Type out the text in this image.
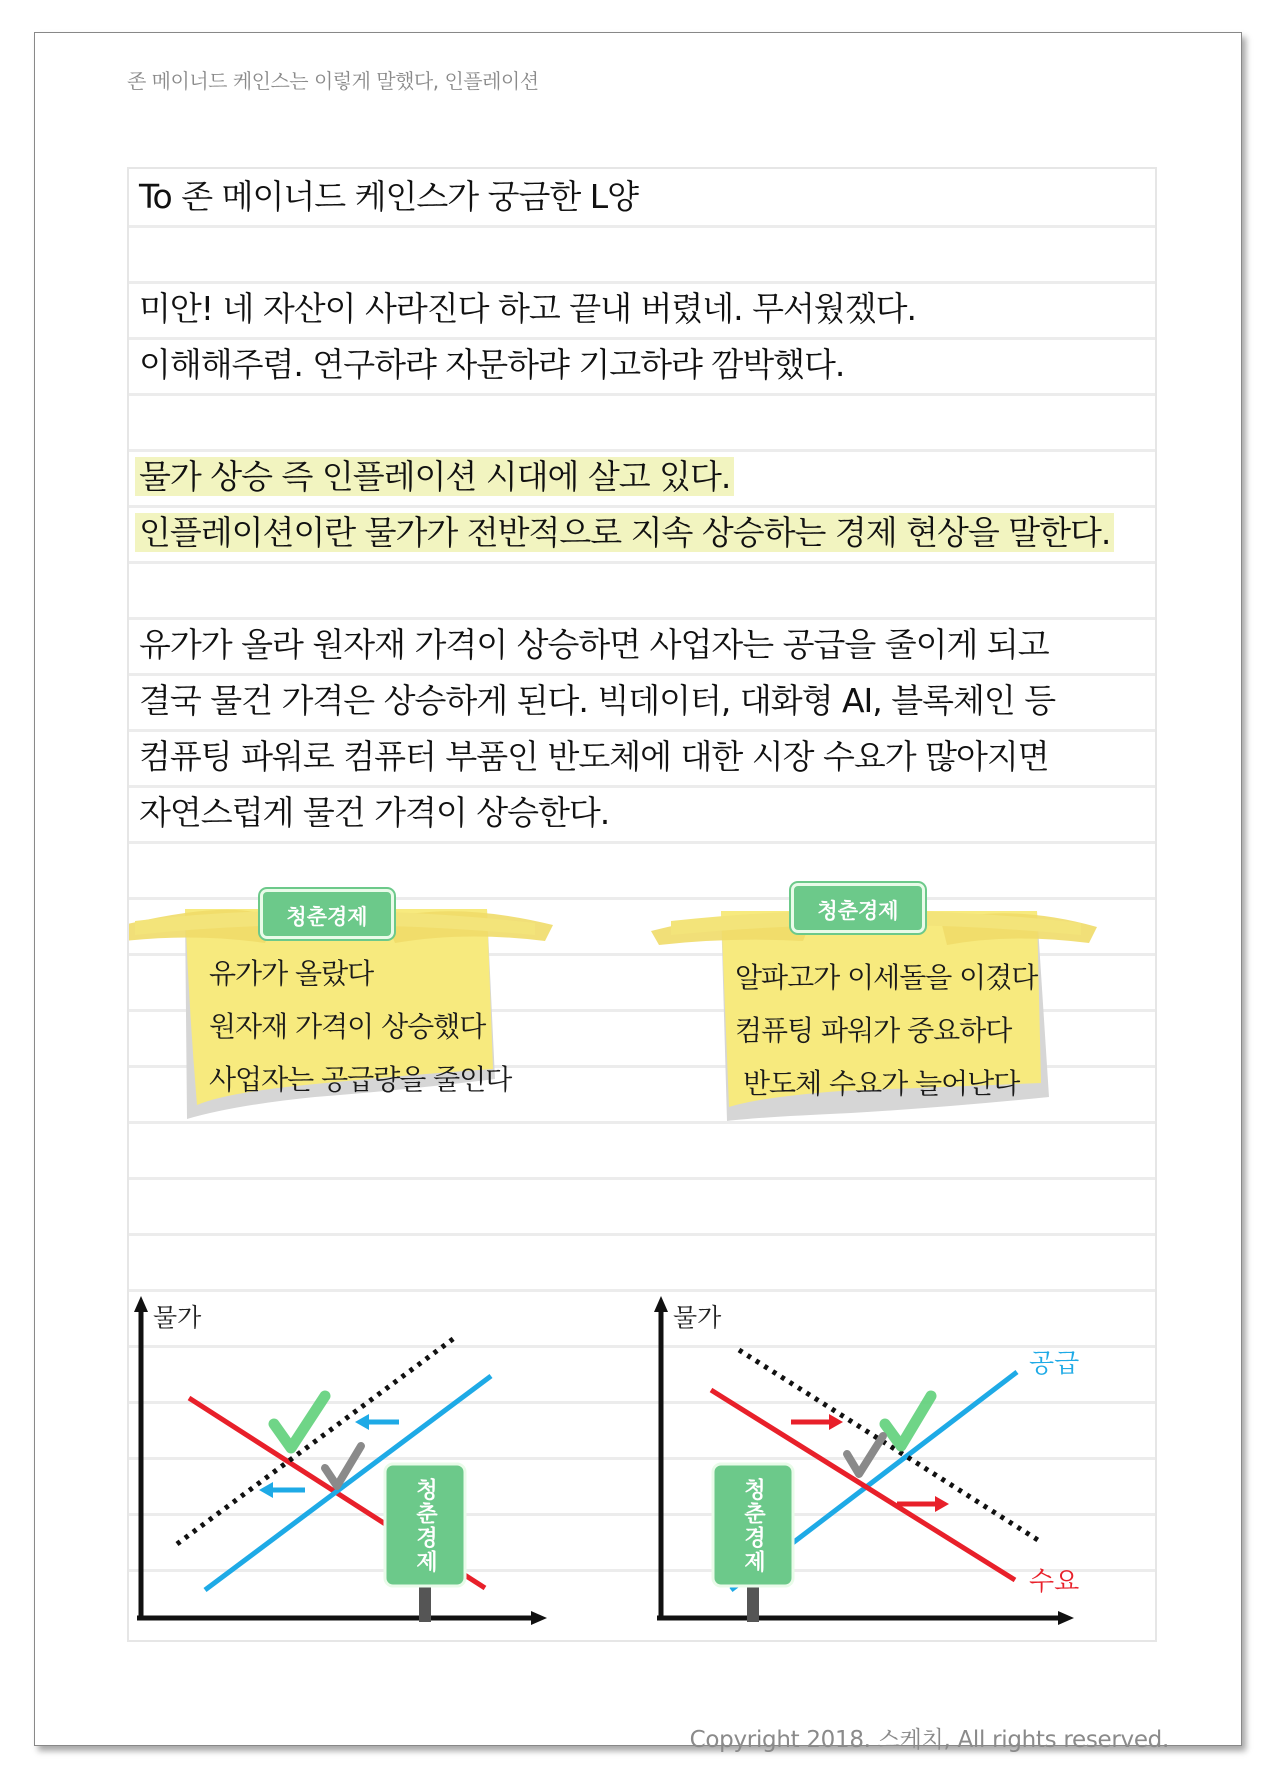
존 메이너드 케인스는 이렇게 말했다, 인플레이션
To 존 메이너드 케인스가 궁금한 L양
미안! 네 자산이 사라진다 하고 끝내 버렸네. 무서웠겠다.
이해해주렴. 연구하랴 자문하랴 기고하랴 깜박했다.
물가 상승 즉 인플레이션 시대에 살고 있다.
인플레이션이란 물가가 전반적으로 지속 상승하는 경제 현상을 말한다.
유가가 올라 원자재 가격이 상승하면 사업자는 공급을 줄이게 되고
결국 물건 가격은 상승하게 된다. 빅데이터, 대화형 AI, 블록체인 등
컴퓨팅 파워로 컴퓨터 부품인 반도체에 대한 시장 수요가 많아지면
자연스럽게 물건 가격이 상승한다.
청춘경제
유가가 올랐다
원자재 가격이 상승했다
사업자는 공급량을 줄인다
청춘경제
알파고가 이세돌을 이겼다
컴퓨팅 파워가 중요하다
반도체 수요가 늘어난다
물가
청춘경제
물가
공급
수요
청춘경제
Copyright 2018. 스케치, All rights reserved.
